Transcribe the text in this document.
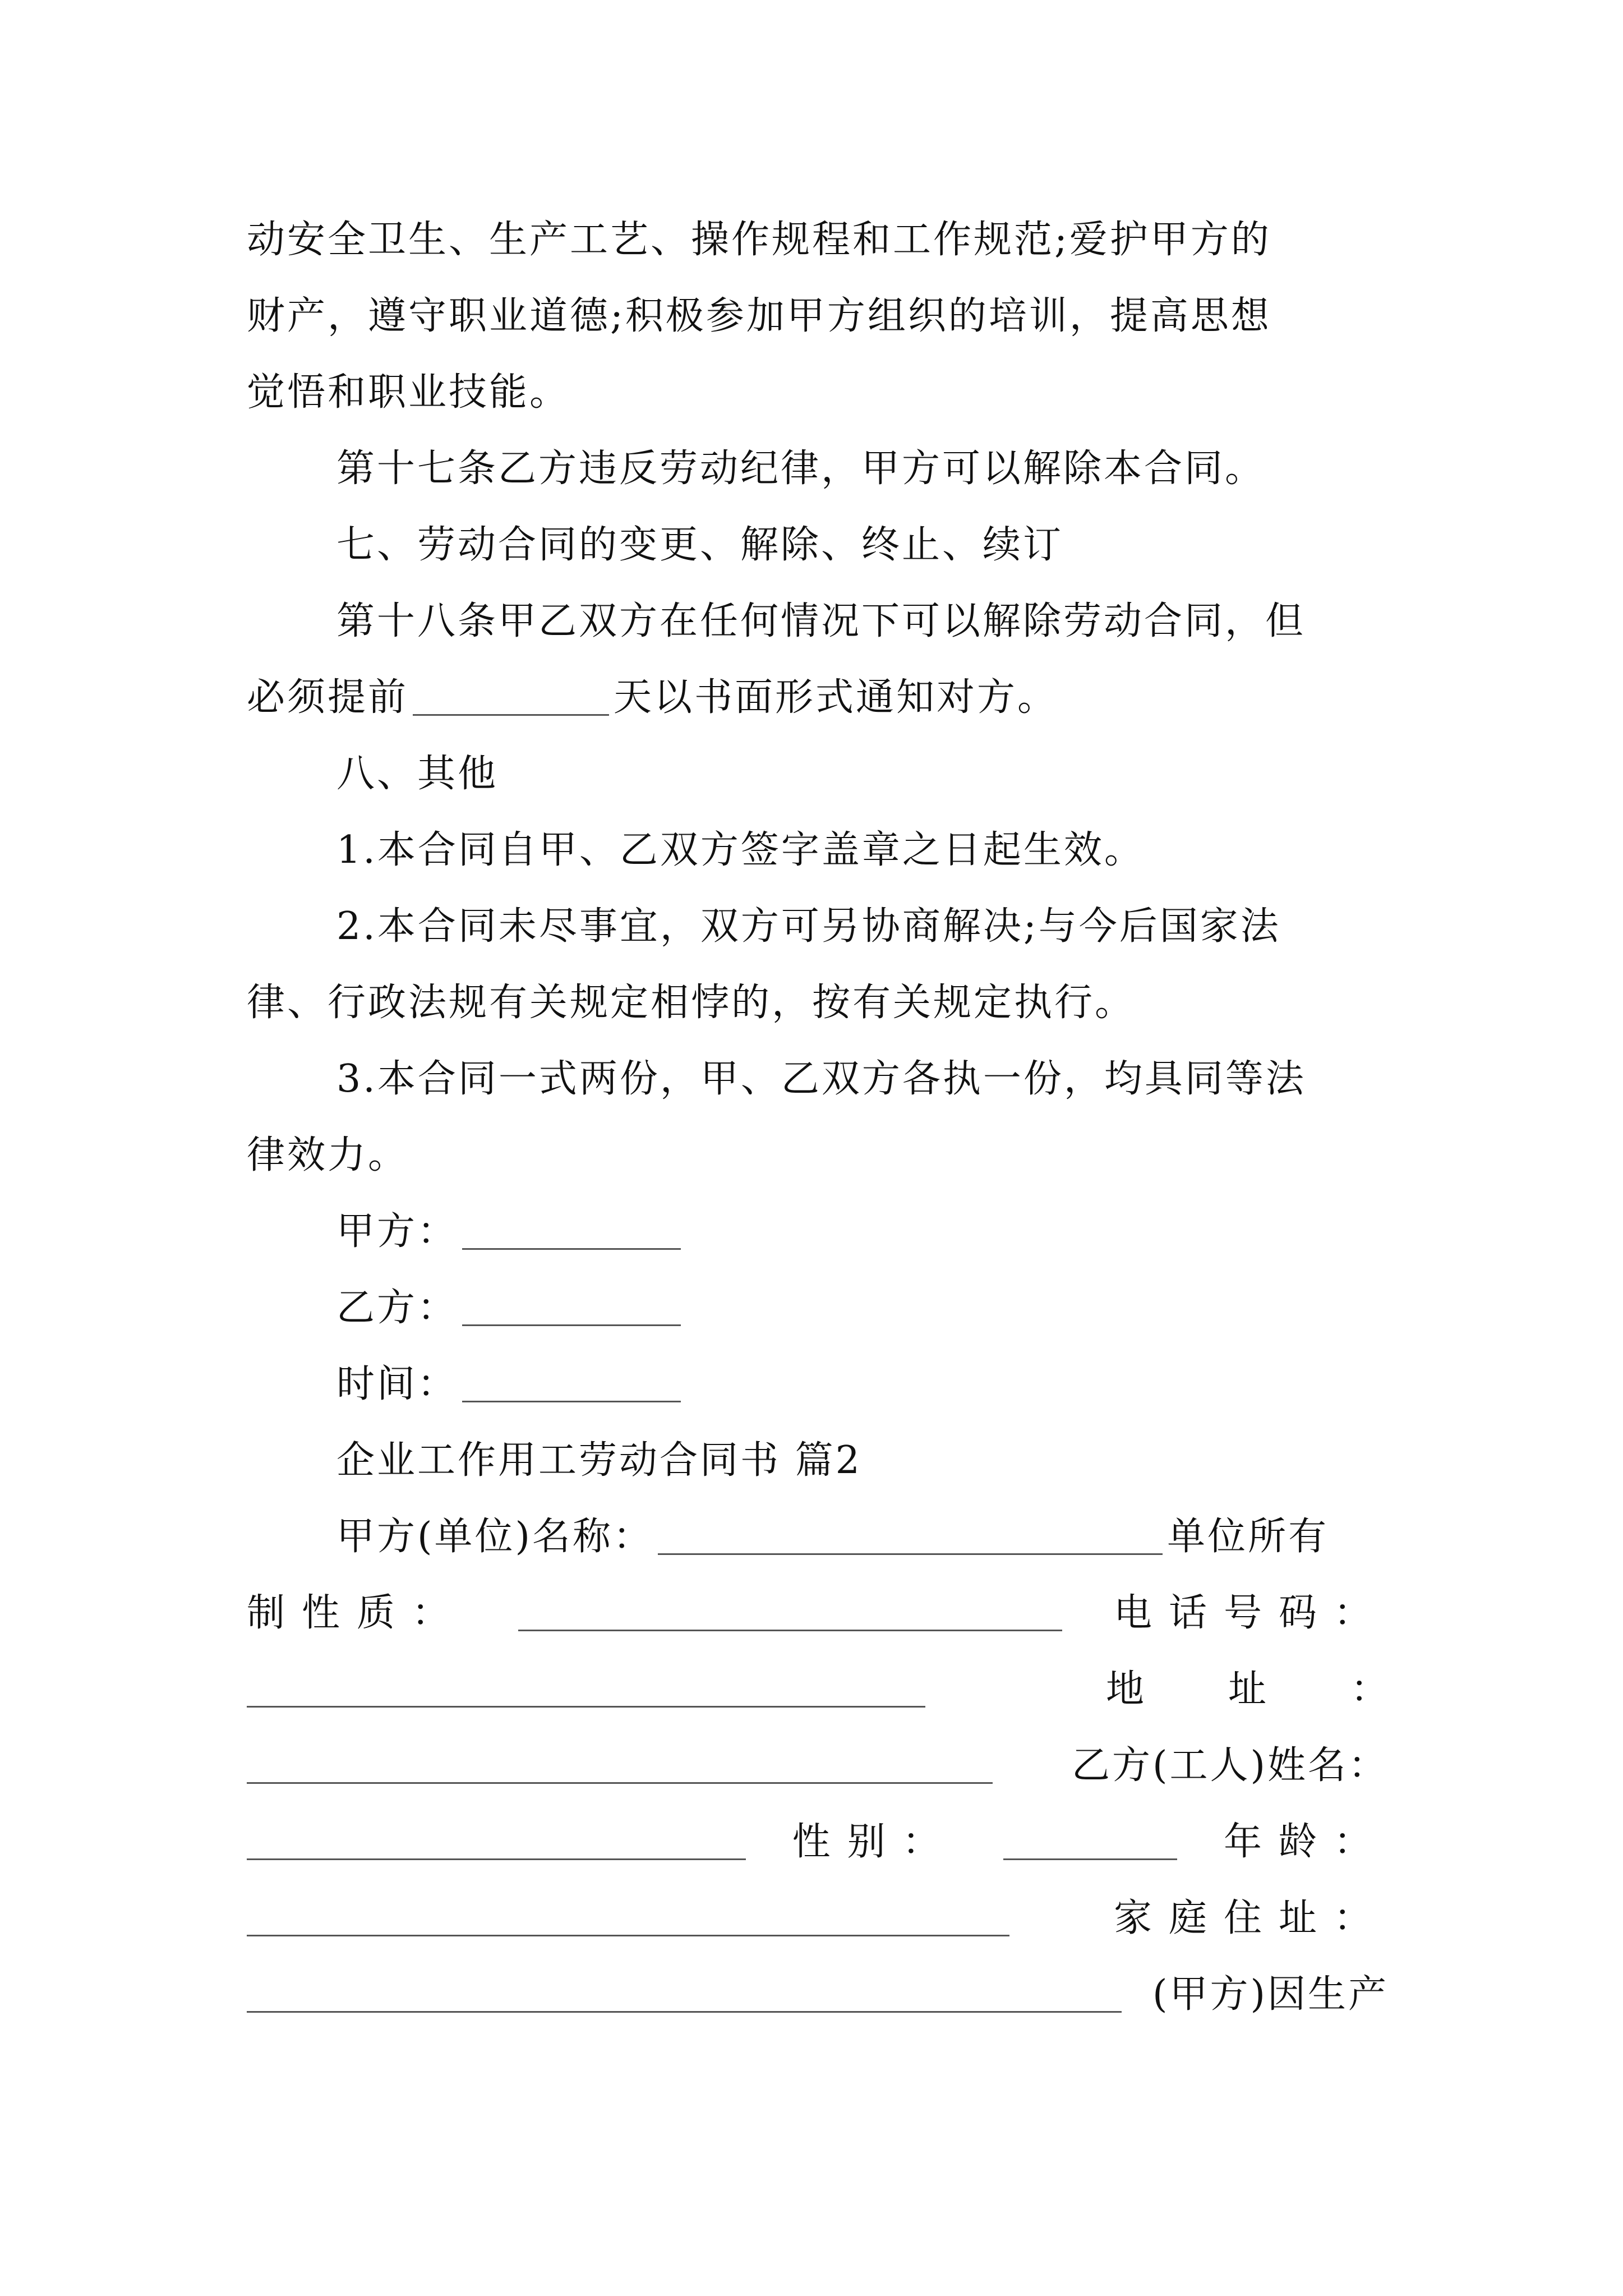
动安全卫生、生产工艺、操作规程和工作规范;爱护甲方的
财产，遵守职业道德;积极参加甲方组织的培训，提高思想
觉悟和职业技能。
第十七条乙方违反劳动纪律，甲方可以解除本合同。
七、劳动合同的变更、解除、终止、续订
第十八条甲乙双方在任何情况下可以解除劳动合同，但
必须提前	天以书面形式通知对方。
八、其他
1.本合同自甲、乙双方签字盖章之日起生效。
2.本合同未尽事宜，双方可另协商解决;与今后国家法
律、行政法规有关规定相悖的，按有关规定执行。
3.本合同一式两份，甲、乙双方各执一份，均具同等法
律效力。
甲方：
乙方：
时间：
企业工作用工劳动合同书 篇2
甲方(单位)名称：	单位所有
制性质：	电话号码：
地址：
乙方(工人)姓名：
性别：	年龄：
家庭住址：
(甲方)因生产
